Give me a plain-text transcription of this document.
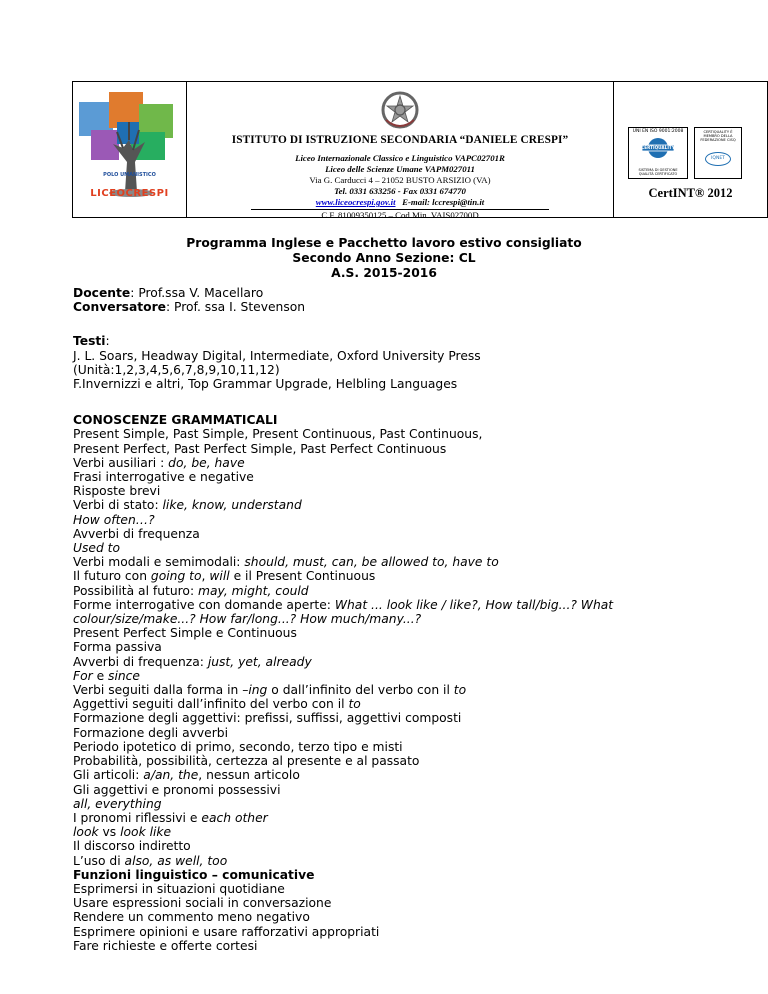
POLO UMANISTICO
LICEOCRESPI
ISTITUTO DI ISTRUZIONE SECONDARIA “DANIELE CRESPI”
Liceo Internazionale Classico e Linguistico VAPC02701R
Liceo delle Scienze Umane VAPM027011
Via G. Carducci 4 – 21052 BUSTO ARSIZIO (VA)
Tel. 0331 633256 - Fax 0331 674770
www.liceocrespi.gov.it E-mail: lccrespi@tin.it
C.F. 81009350125 – Cod.Min. VAIS02700D
UNI EN ISO 9001:2008
CERTIQUALITY
SISTEMA DI GESTIONE QUALITÀ CERTIFICATO
CERTIQUALITY È MEMBRO DELLA FEDERAZIONE CISQ
IQNET
CertINT® 2012
Programma Inglese e Pacchetto lavoro estivo consigliato
Secondo Anno Sezione: CL
A.S. 2015-2016
Docente: Prof.ssa V. Macellaro
Conversatore: Prof. ssa I. Stevenson
Testi:
J. L. Soars, Headway Digital, Intermediate, Oxford University Press
(Unità:1,2,3,4,5,6,7,8,9,10,11,12)
F.Invernizzi e altri, Top Grammar Upgrade, Helbling Languages
CONOSCENZE GRAMMATICALI
Present Simple, Past Simple, Present Continuous, Past Continuous,
Present Perfect, Past Perfect Simple, Past Perfect Continuous
Verbi ausiliari : do, be, have
Frasi interrogative e negative
Risposte brevi
Verbi di stato: like, know, understand
How often…?
Avverbi di frequenza
Used to
Verbi modali e semimodali: should, must, can, be allowed to, have to
Il futuro con going to, will e il Present Continuous
Possibilità al futuro: may, might, could
Forme interrogative con domande aperte: What ... look like / like?, How tall/big...? What
colour/size/make...? How far/long...? How much/many...?
Present Perfect Simple e Continuous
Forma passiva
Avverbi di frequenza: just, yet, already
For e since
Verbi seguiti dalla forma in –ing o dall’infinito del verbo con il to
Aggettivi seguiti dall’infinito del verbo con il to
Formazione degli aggettivi: prefissi, suffissi, aggettivi composti
Formazione degli avverbi
Periodo ipotetico di primo, secondo, terzo tipo e misti
Probabilità, possibilità, certezza al presente e al passato
Gli articoli: a/an, the, nessun articolo
Gli aggettivi e pronomi possessivi
all, everything
I pronomi riflessivi e each other
look vs look like
Il discorso indiretto
L’uso di also, as well, too
Funzioni linguistico – comunicative
Esprimersi in situazioni quotidiane
Usare espressioni sociali in conversazione
Rendere un commento meno negativo
Esprimere opinioni e usare rafforzativi appropriati
Fare richieste e offerte cortesi
